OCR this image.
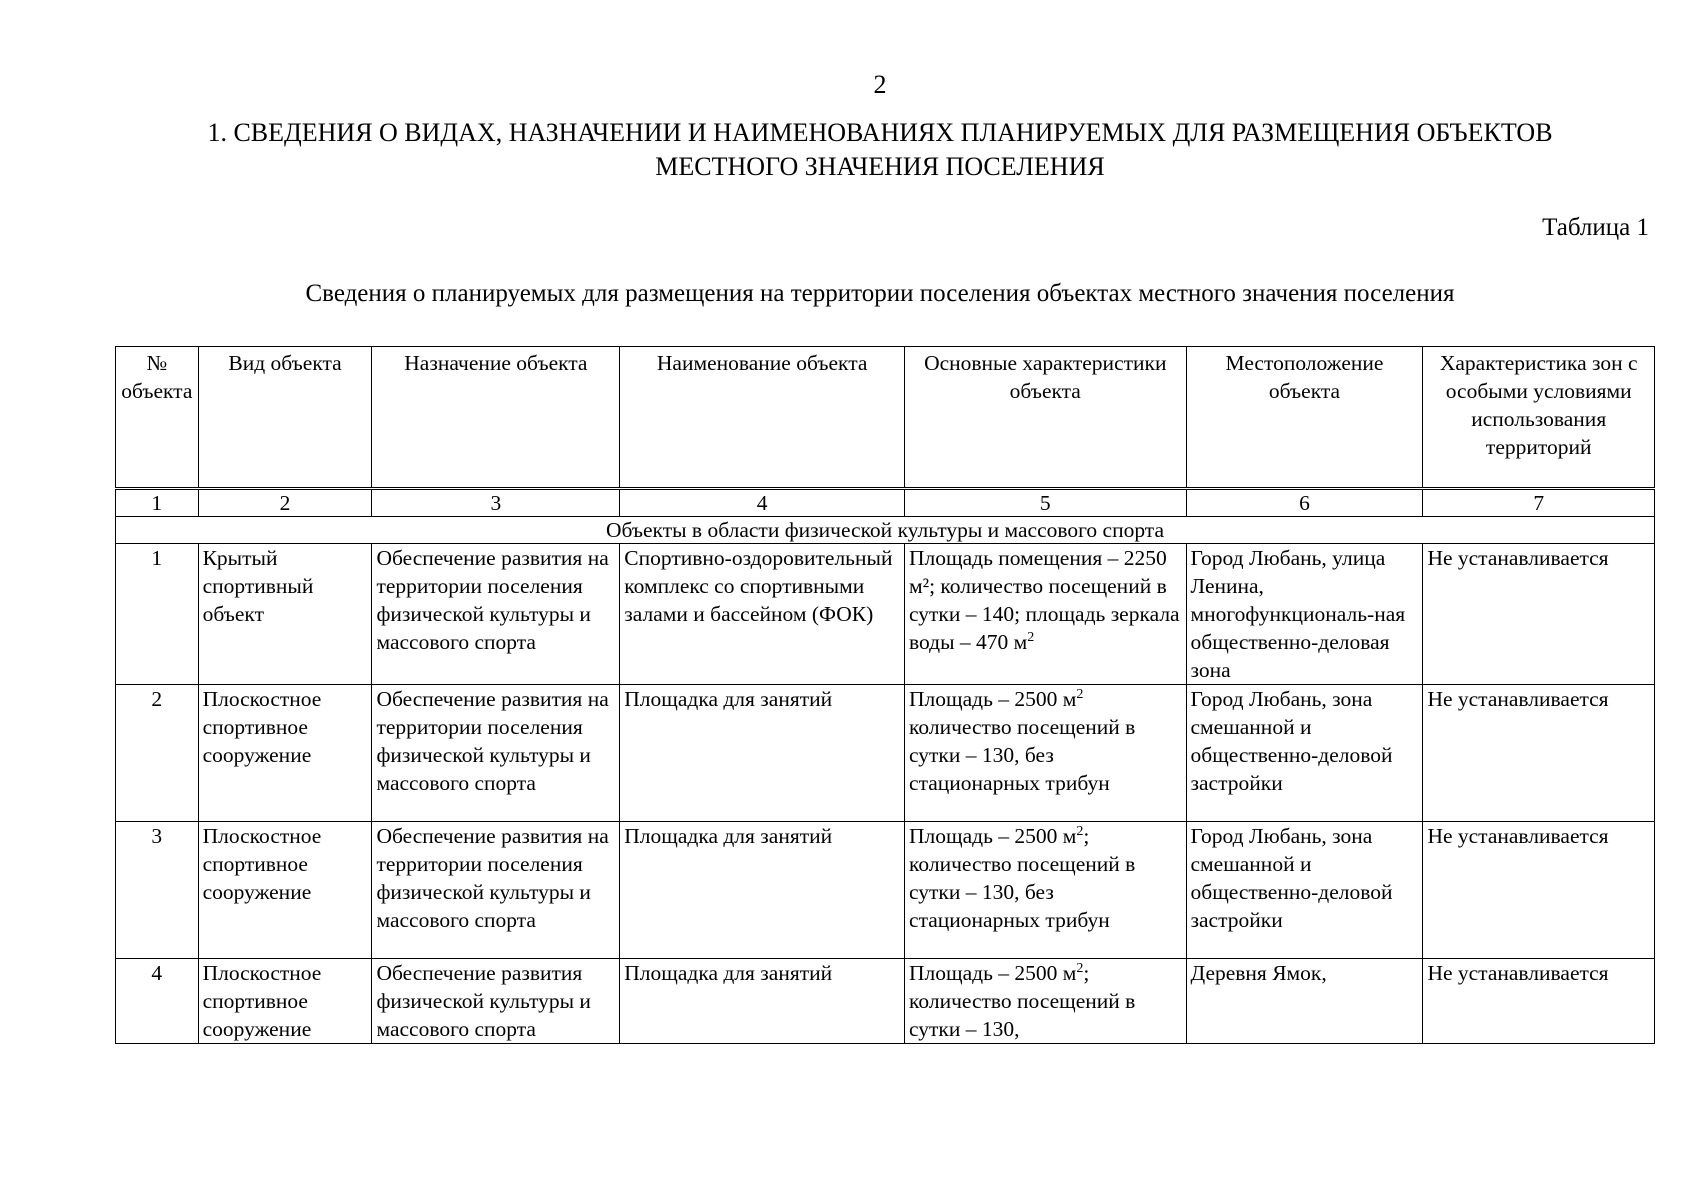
2
1. СВЕДЕНИЯ О ВИДАХ, НАЗНАЧЕНИИ И НАИМЕНОВАНИЯХ ПЛАНИРУЕМЫХ ДЛЯ РАЗМЕЩЕНИЯ ОБЪЕКТОВ
МЕСТНОГО ЗНАЧЕНИЯ ПОСЕЛЕНИЯ
Таблица 1
Сведения о планируемых для размещения на территории поселения объектах местного значения поселения
№ объекта	Вид объекта	Назначение объекта	Наименование объекта	Основные характеристики объекта	Местоположение объекта	Характеристика зон с особыми условиями использования территорий
1	2	3	4	5	6	7
Объекты в области физической культуры и массового спорта						
1	Крытый спортивный объект	Обеспечение развития на территории поселения физической культуры и массового спорта	Спортивно-оздоровительный комплекс со спортивными залами и бассейном (ФОК)	Площадь помещения – 2250 м²; количество посещений в сутки – 140; площадь зеркала воды – 470 $м^2$	Город Любань, улица Ленина, многофункциональ-ная общественно-деловая зона	Не устанавливается
2	Плоскостное спортивное сооружение	Обеспечение развития на территории поселения физической культуры и массового спорта	Площадка для занятий	Площадь – 2500 $м^2$ количество посещений в сутки – 130, без стационарных трибун	Город Любань, зона смешанной и общественно-деловой застройки	Не устанавливается
3	Плоскостное спортивное сооружение	Обеспечение развития на территории поселения физической культуры и массового спорта	Площадка для занятий	Площадь – 2500 $м^2$; количество посещений в сутки – 130, без стационарных трибун	Город Любань, зона смешанной и общественно-деловой застройки	Не устанавливается
4	Плоскостное спортивное сооружение	Обеспечение развития физической культуры и массового спорта	Площадка для занятий	Площадь – 2500 $м^2$; количество посещений в сутки – 130,	Деревня Ямок,	Не устанавливается
